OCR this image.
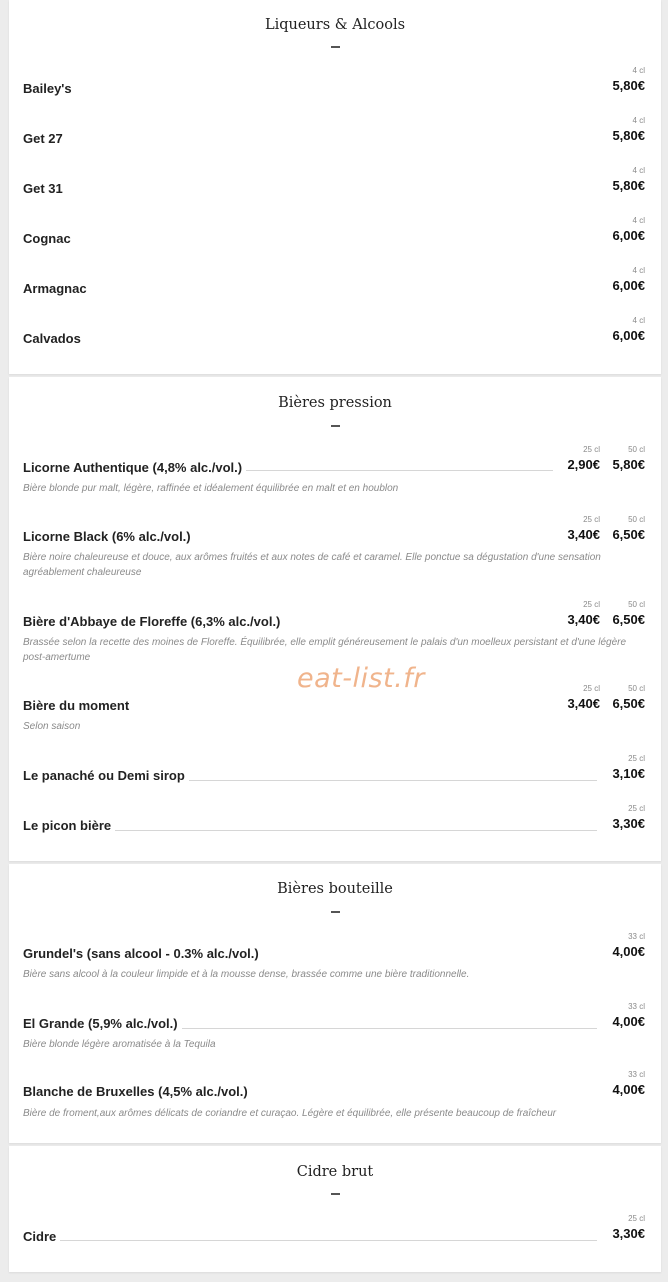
Liqueurs & Alcools
Bailey's
4 cl
5,80€
Get 27
4 cl
5,80€
Get 31
4 cl
5,80€
Cognac
4 cl
6,00€
Armagnac
4 cl
6,00€
Calvados
4 cl
6,00€
Bières pression
Licorne Authentique (4,8% alc./vol.)
Bière blonde pur malt, légère, raffinée et idéalement équilibrée en malt et en houblon
25 cl
2,90€
50 cl
5,80€
Licorne Black (6% alc./vol.)
Bière noire chaleureuse et douce, aux arômes fruités et aux notes de café et caramel. Elle ponctue sa dégustation d'une sensation agréablement chaleureuse
25 cl
3,40€
50 cl
6,50€
Bière d'Abbaye de Floreffe (6,3% alc./vol.)
Brassée selon la recette des moines de Floreffe. Équilibrée, elle emplit généreusement le palais d'un moelleux persistant et d'une légère post-amertume
25 cl
3,40€
50 cl
6,50€
Bière du moment
Selon saison
25 cl
3,40€
50 cl
6,50€
Le panaché ou Demi sirop
25 cl
3,10€
Le picon bière
25 cl
3,30€
Bières bouteille
Grundel's (sans alcool - 0.3% alc./vol.)
Bière sans alcool à la couleur limpide et à la mousse dense, brassée comme une bière traditionnelle.
33 cl
4,00€
El Grande (5,9% alc./vol.)
Bière blonde légère aromatisée à la Tequila
33 cl
4,00€
Blanche de Bruxelles (4,5% alc./vol.)
Bière de froment,aux arômes délicats de coriandre et curaçao. Légère et équilibrée, elle présente beaucoup de fraîcheur
33 cl
4,00€
Cidre brut
Cidre
25 cl
3,30€
eat-list.fr
